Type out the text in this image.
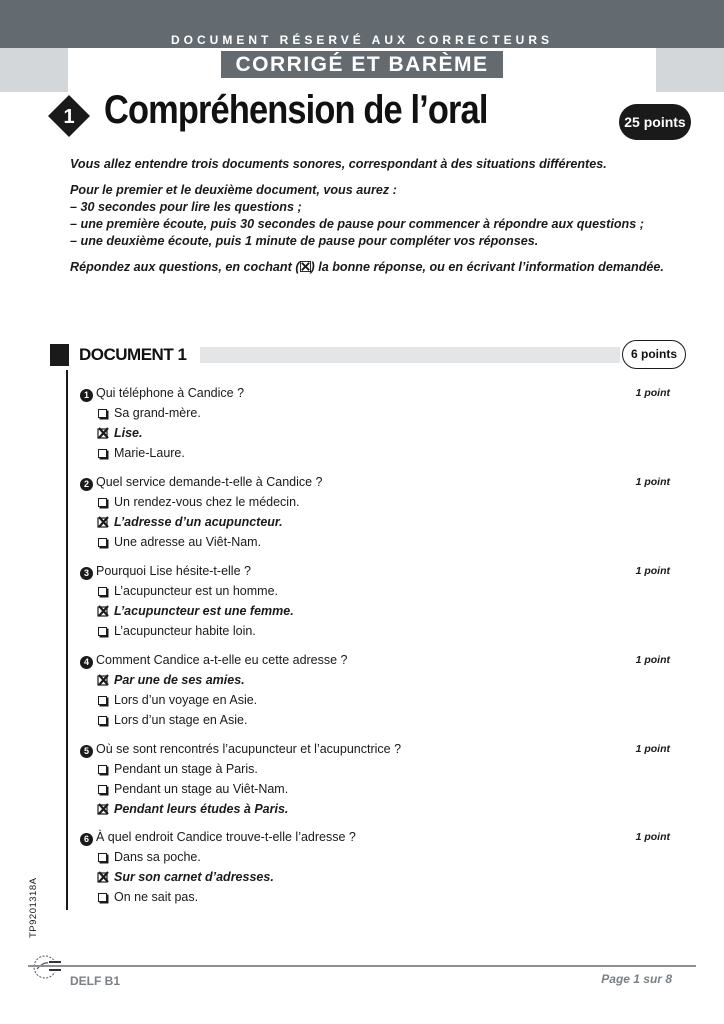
DOCUMENT RÉSERVÉ AUX CORRECTEURS
CORRIGÉ ET BARÈME
1 Compréhension de l’oral	25 points

Vous allez entendre trois documents sonores, correspondant à des situations différentes.

Pour le premier et le deuxième document, vous aurez :
– 30 secondes pour lire les questions ;
– une première écoute, puis 30 secondes de pause pour commencer à répondre aux questions ;
– une deuxième écoute, puis 1 minute de pause pour compléter vos réponses.

Répondez aux questions, en cochant ( ) la bonne réponse, ou en écrivant l’information demandée.

DOCUMENT 1	6 points
1 Qui téléphone à Candice ?	1 point
Sa grand-mère.
Lise.
Marie-Laure.
2 Quel service demande-t-elle à Candice ?	1 point
Un rendez-vous chez le médecin.
L’adresse d’un acupuncteur.
Une adresse au Viêt-Nam.
3 Pourquoi Lise hésite-t-elle ?	1 point
L’acupuncteur est un homme.
L’acupuncteur est une femme.
L’acupuncteur habite loin.
4 Comment Candice a-t-elle eu cette adresse ?	1 point
Par une de ses amies.
Lors d’un voyage en Asie.
Lors d’un stage en Asie.
5 Où se sont rencontrés l’acupuncteur et l’acupunctrice ?	1 point
Pendant un stage à Paris.
Pendant un stage au Viêt-Nam.
Pendant leurs études à Paris.
6 À quel endroit Candice trouve-t-elle l’adresse ?	1 point
Dans sa poche.
Sur son carnet d’adresses.
On ne sait pas.
TP9201318A
DELF B1	Page 1 sur 8
